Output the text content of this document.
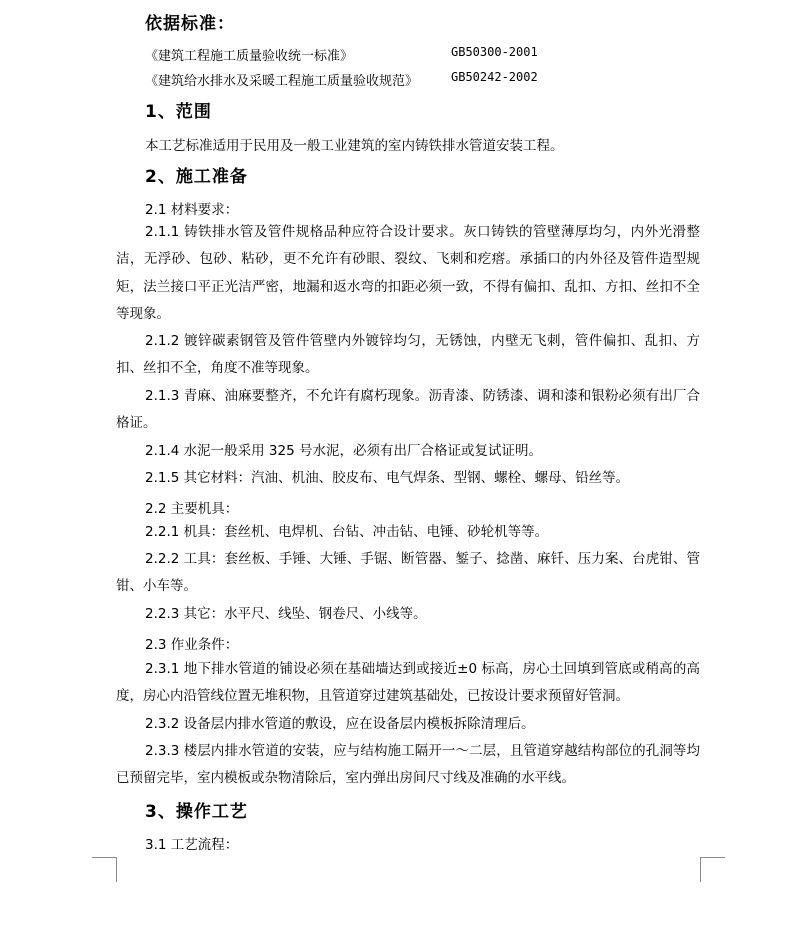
依据标准：
《建筑工程施工质量验收统一标准》	GB50300-2001
《建筑给水排水及采暖工程施工质量验收规范》	GB50242-2002
1、范围
本工艺标准适用于民用及一般工业建筑的室内铸铁排水管道安装工程。
2、施工准备
2.1 材料要求：
2.1.1 铸铁排水管及管件规格品种应符合设计要求。灰口铸铁的管壁薄厚均匀，内外光滑整洁，无浮砂、包砂、粘砂，更不允许有砂眼、裂纹、飞刺和疙瘩。承插口的内外径及管件造型规矩，法兰接口平正光洁严密，地漏和返水弯的扣距必须一致，不得有偏扣、乱扣、方扣、丝扣不全等现象。
2.1.2 镀锌碳素钢管及管件管壁内外镀锌均匀，无锈蚀，内壁无飞刺，管件偏扣、乱扣、方扣、丝扣不全，角度不准等现象。
2.1.3 青麻、油麻要整齐，不允许有腐朽现象。沥青漆、防锈漆、调和漆和银粉必须有出厂合格证。
2.1.4 水泥一般采用 325 号水泥，必须有出厂合格证或复试证明。
2.1.5 其它材料：汽油、机油、胶皮布、电气焊条、型钢、螺栓、螺母、铅丝等。
2.2 主要机具：
2.2.1 机具：套丝机、电焊机、台钻、冲击钻、电锤、砂轮机等等。
2.2.2 工具：套丝板、手锤、大锤、手锯、断管器、錾子、捻凿、麻钎、压力案、台虎钳、管钳、小车等。
2.2.3 其它：水平尺、线坠、钢卷尺、小线等。
2.3 作业条件：
2.3.1 地下排水管道的铺设必须在基础墙达到或接近±0 标高，房心土回填到管底或稍高的高度，房心内沿管线位置无堆积物，且管道穿过建筑基础处，已按设计要求预留好管洞。
2.3.2 设备层内排水管道的敷设，应在设备层内模板拆除清理后。
2.3.3 楼层内排水管道的安装，应与结构施工隔开一～二层，且管道穿越结构部位的孔洞等均已预留完毕，室内模板或杂物清除后，室内弹出房间尺寸线及准确的水平线。
3、操作工艺
3.1 工艺流程：
